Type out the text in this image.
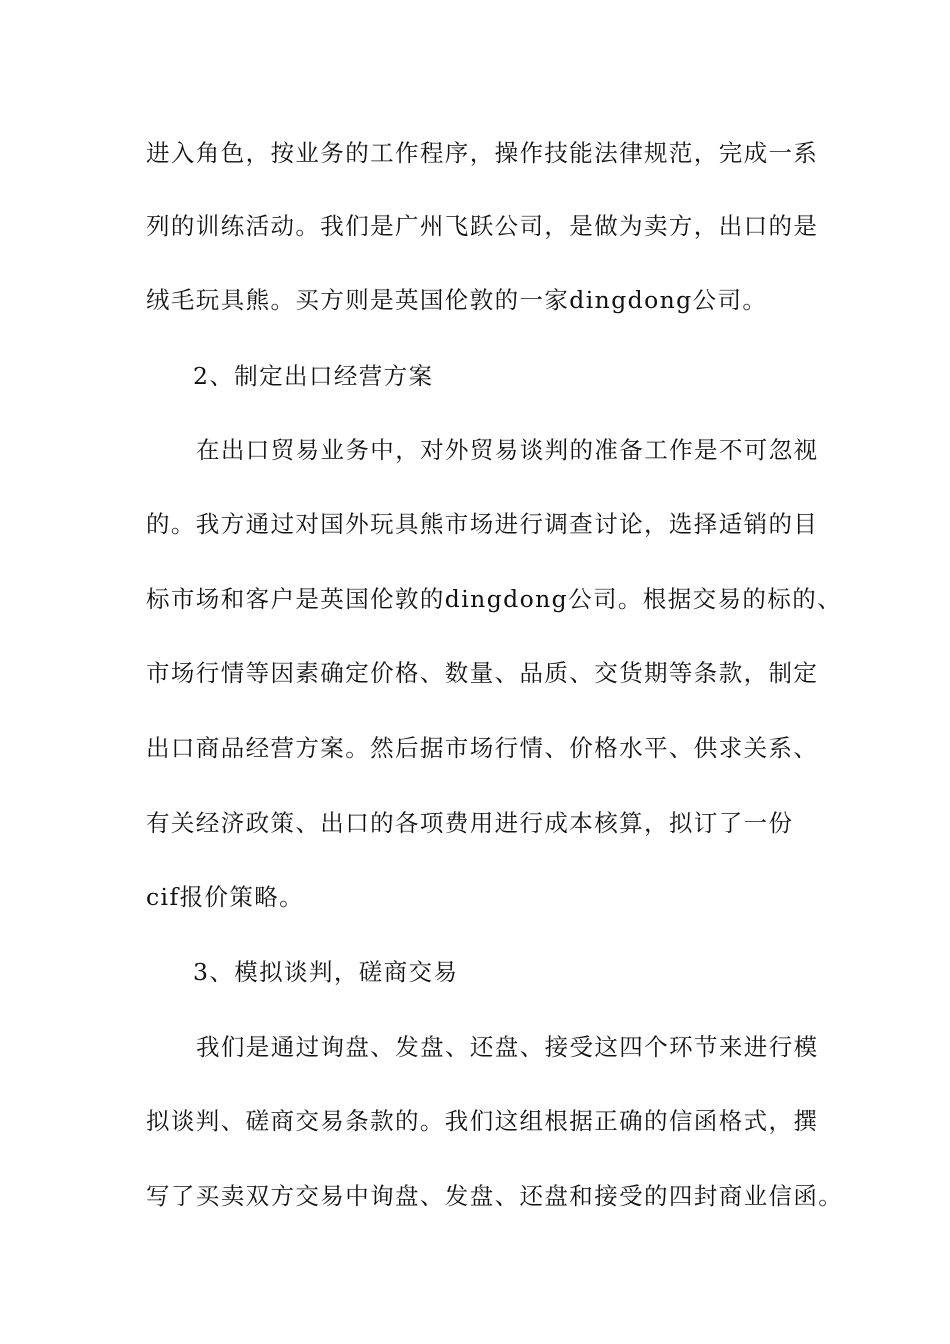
进入角色，按业务的工作程序，操作技能法律规范，完成一系
列的训练活动。我们是广州飞跃公司，是做为卖方，出口的是
绒毛玩具熊。买方则是英国伦敦的一家dingdong公司。
2、制定出口经营方案
在出口贸易业务中，对外贸易谈判的准备工作是不可忽视
的。我方通过对国外玩具熊市场进行调查讨论，选择适销的目
标市场和客户是英国伦敦的dingdong公司。根据交易的标的、
市场行情等因素确定价格、数量、品质、交货期等条款，制定
出口商品经营方案。然后据市场行情、价格水平、供求关系、
有关经济政策、出口的各项费用进行成本核算，拟订了一份
cif报价策略。
3、模拟谈判，磋商交易
我们是通过询盘、发盘、还盘、接受这四个环节来进行模
拟谈判、磋商交易条款的。我们这组根据正确的信函格式，撰
写了买卖双方交易中询盘、发盘、还盘和接受的四封商业信函。
